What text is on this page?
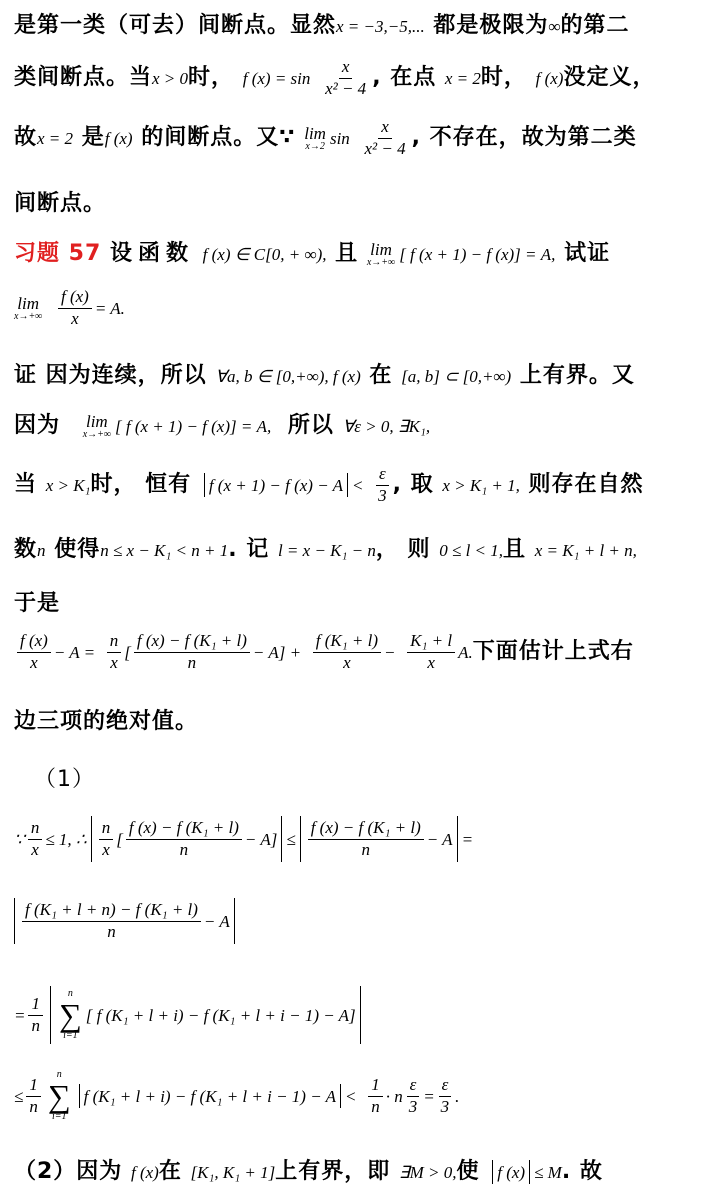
是第一类（可去）间断点。显然x = −3,−5,... 都是极限为∞的第二
类间断点。当x > 0时， f $(x) = \sin \frac{x}{\text{x² − 4}}$ , 在点 x = 2时， f (x)没定义，
故x = 2 是f (x) 的间断点。又∵ lim
x→2 $\sin \frac{x}{\text{x² − 4}}$ , 不存在，故为第二类
间断点。
习题 57 设函数 f (x) ∈ C[0, + ∞), 且 lim
x→+∞ [ f (x + 1) − f (x)] = A, 试证
lim
x→+∞
$\frac{f (x)}{x} = A$.
证 因为连续，所以 ∀a, b ∈ [0,+∞), f (x) 在 [a, b] ⊂ [0,+∞) 上有界。又
因为 lim
x→+∞ [ f (x + 1) − f (x)] = A, 所以 ∀ε > 0, ∃K₁,
当 x > K₁时， 恒有 f (x + 1) − f $(x) - A < \frac{\varepsilon}{3}$ , 取 x > K₁ + 1, 则存在自然
数n 使得n ≤ x − K₁ < n + 1. 记 l = x − K₁ − n， 则 0 ≤ l < 1,且 x = K₁ + l + n,
于是
$\frac{f (x)}{x} - A = \frac{n}{x}$ [ $\frac{\text{f (x) − f (K₁ + l)}}{n} - A] + \frac{\text{f (K₁ + l)}}{x} - \frac{\text{K₁ + l}}{x} A$.下面估计上式右
边三项的绝对值。
（1）
∵ $\frac{n}{x} \le 1$, ∴ $\frac{n}{x}$ [ $\frac{\text{f (x) − f (K₁ + l)}}{n} - A] \le \frac{\text{f (x) − f (K₁ + l)}}{n} - A$ =
$\frac{\text{f (K₁ + l + n) − f (K₁ + l)}}{n} - A$
= $\frac{1}{n}$
n
∑
i=1
[ f (K₁ + l + i) − f (K₁ + l + i − 1) − A]
≤ $\frac{1}{n}$
n
∑
i=1
f (K₁ + l + i) − f $(K_1 + l + i - 1) - A < \frac{1}{n} \cdot n \frac{\varepsilon}{3} = \frac{\varepsilon}{3}$ .
（2）因为 f (x)在 [K₁, K₁ + 1]上有界，即 ∃M > 0,使 f (x) ≤ M. 故
